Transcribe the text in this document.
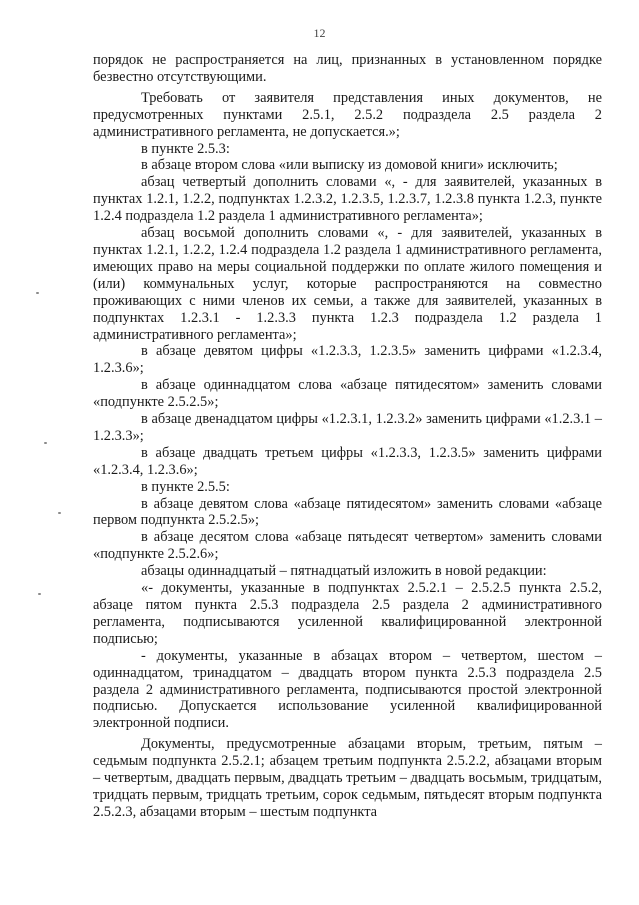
12

порядок не распространяется на лиц, признанных в установленном порядке безвестно отсутствующими.

Требовать от заявителя представления иных документов, не предусмотренных пунктами 2.5.1, 2.5.2 подраздела 2.5 раздела 2 административного регламента, не допускается.»;

в пункте 2.5.3:

в абзаце втором слова «или выписку из домовой книги» исключить;

абзац четвертый дополнить словами «, - для заявителей, указанных в пунктах 1.2.1, 1.2.2, подпунктах 1.2.3.2, 1.2.3.5, 1.2.3.7, 1.2.3.8 пункта 1.2.3, пункте 1.2.4 подраздела 1.2 раздела 1 административного регламента»;

абзац восьмой дополнить словами «, - для заявителей, указанных в пунктах 1.2.1, 1.2.2, 1.2.4 подраздела 1.2 раздела 1 административного регламента, имеющих право на меры социальной поддержки по оплате жилого помещения и (или) коммунальных услуг, которые распространяются на совместно проживающих с ними членов их семьи, а также для заявителей, указанных в подпунктах 1.2.3.1 - 1.2.3.3 пункта 1.2.3 подраздела 1.2 раздела 1 административного регламента»;

в абзаце девятом цифры «1.2.3.3, 1.2.3.5» заменить цифрами «1.2.3.4, 1.2.3.6»;

в абзаце одиннадцатом слова «абзаце пятидесятом» заменить словами «подпункте 2.5.2.5»;

в абзаце двенадцатом цифры «1.2.3.1, 1.2.3.2» заменить цифрами «1.2.3.1 – 1.2.3.3»;

в абзаце двадцать третьем цифры «1.2.3.3, 1.2.3.5» заменить цифрами «1.2.3.4, 1.2.3.6»;

в пункте 2.5.5:

в абзаце девятом слова «абзаце пятидесятом» заменить словами «абзаце первом подпункта 2.5.2.5»;

в абзаце десятом слова «абзаце пятьдесят четвертом» заменить словами «подпункте 2.5.2.6»;

абзацы одиннадцатый – пятнадцатый изложить в новой редакции:

«- документы, указанные в подпунктах 2.5.2.1 – 2.5.2.5 пункта 2.5.2, абзаце пятом пункта 2.5.3 подраздела 2.5 раздела 2 административного регламента, подписываются усиленной квалифицированной электронной подписью;

- документы, указанные в абзацах втором – четвертом, шестом – одиннадцатом, тринадцатом – двадцать втором пункта 2.5.3 подраздела 2.5 раздела 2 административного регламента, подписываются простой электронной подписью. Допускается использование усиленной квалифицированной электронной подписи.

Документы, предусмотренные абзацами вторым, третьим, пятым – седьмым подпункта 2.5.2.1; абзацем третьим подпункта 2.5.2.2, абзацами вторым – четвертым, двадцать первым, двадцать третьим – двадцать восьмым, тридцатым, тридцать первым, тридцать третьим, сорок седьмым, пятьдесят вторым подпункта 2.5.2.3, абзацами вторым – шестым подпункта
